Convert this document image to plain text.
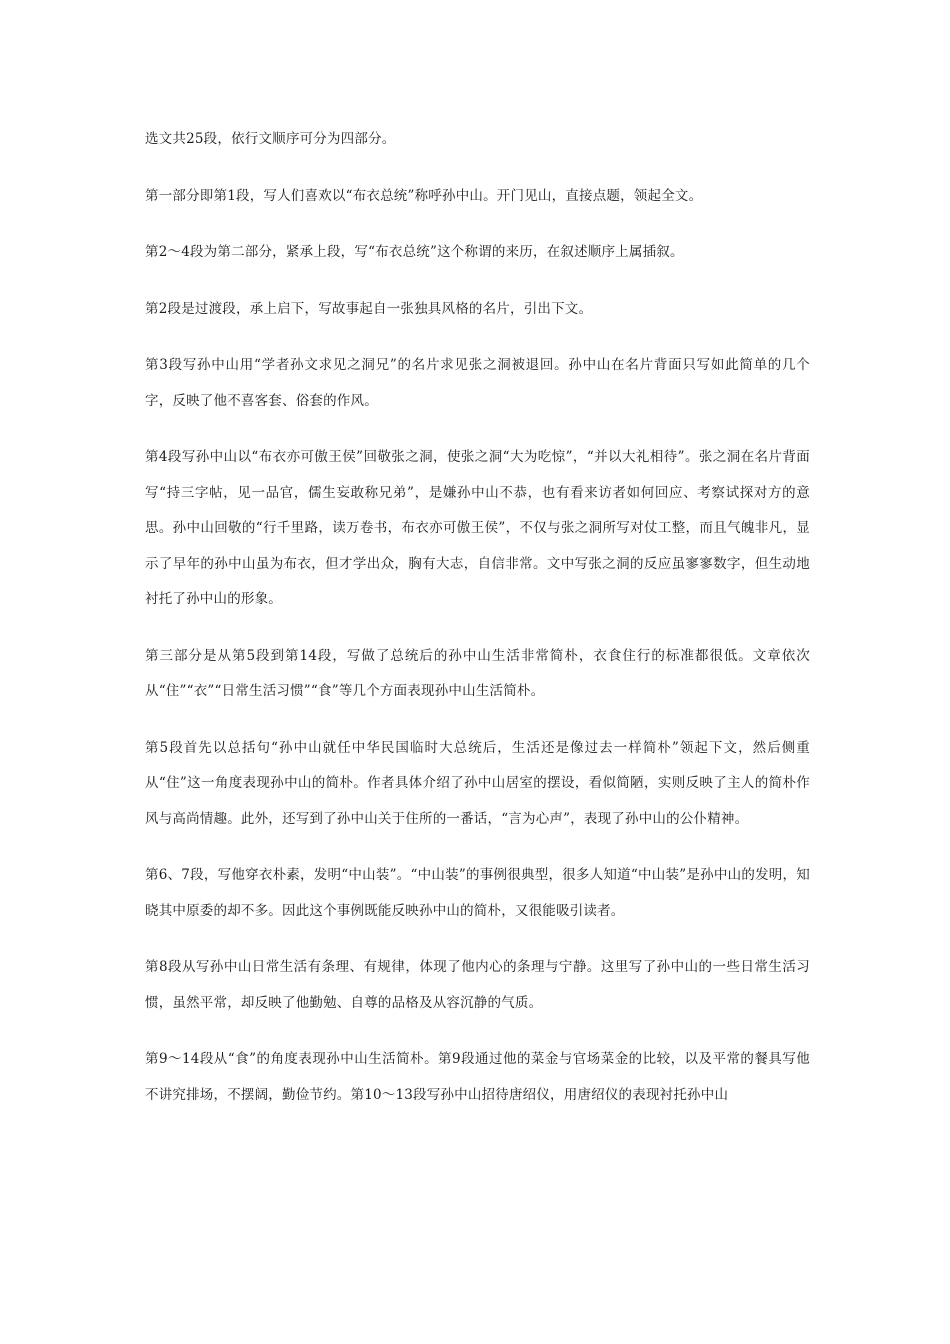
选文共25段，依行文顺序可分为四部分。

第一部分即第1段，写人们喜欢以“布衣总统”称呼孙中山。开门见山，直接点题，领起全文。

第2～4段为第二部分，紧承上段，写“布衣总统”这个称谓的来历，在叙述顺序上属插叙。

第2段是过渡段，承上启下，写故事起自一张独具风格的名片，引出下文。

第3段写孙中山用“学者孙文求见之洞兄”的名片求见张之洞被退回。孙中山在名片背面只写如此简单的几个字，反映了他不喜客套、俗套的作风。

第4段写孙中山以“布衣亦可傲王侯”回敬张之洞，使张之洞“大为吃惊”，“并以大礼相待”。张之洞在名片背面写“持三字帖，见一品官，儒生妄敢称兄弟”，是嫌孙中山不恭，也有看来访者如何回应、考察试探对方的意思。孙中山回敬的“行千里路，读万卷书，布衣亦可傲王侯”，不仅与张之洞所写对仗工整，而且气魄非凡，显示了早年的孙中山虽为布衣，但才学出众，胸有大志，自信非常。文中写张之洞的反应虽寥寥数字，但生动地衬托了孙中山的形象。

第三部分是从第5段到第14段，写做了总统后的孙中山生活非常简朴，衣食住行的标准都很低。文章依次从“住”“衣”“日常生活习惯”“食”等几个方面表现孙中山生活简朴。

第5段首先以总括句“孙中山就任中华民国临时大总统后，生活还是像过去一样简朴”领起下文，然后侧重从“住”这一角度表现孙中山的简朴。作者具体介绍了孙中山居室的摆设，看似简陋，实则反映了主人的简朴作风与高尚情趣。此外，还写到了孙中山关于住所的一番话，“言为心声”，表现了孙中山的公仆精神。

第6、7段，写他穿衣朴素，发明“中山装”。“中山装”的事例很典型，很多人知道“中山装”是孙中山的发明，知晓其中原委的却不多。因此这个事例既能反映孙中山的简朴，又很能吸引读者。

第8段从写孙中山日常生活有条理、有规律，体现了他内心的条理与宁静。这里写了孙中山的一些日常生活习惯，虽然平常，却反映了他勤勉、自尊的品格及从容沉静的气质。

第9～14段从“食”的角度表现孙中山生活简朴。第9段通过他的菜金与官场菜金的比较，以及平常的餐具写他不讲究排场，不摆阔，勤俭节约。第10～13段写孙中山招待唐绍仪，用唐绍仪的表现衬托孙中山
